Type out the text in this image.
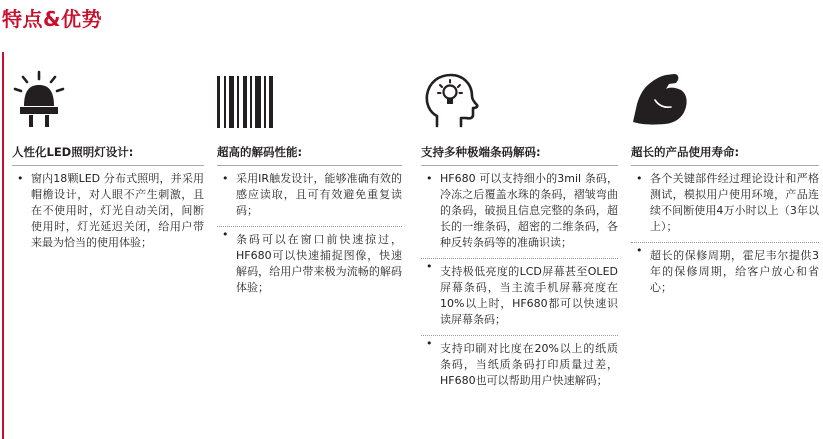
特点&优势
人性化LED照明灯设计:
• 窗内18颗LED 分布式照明，并采用帽檐设计，对人眼不产生刺激，且在不使用时，灯光自动关闭，间断使用时，灯光延迟关闭，给用户带来最为恰当的使用体验；
超高的解码性能:
• 采用IR触发设计，能够准确有效的感应读取，且可有效避免重复读码；
• 条码可以在窗口前快速掠过，HF680可以快速捕捉图像，快速解码，给用户带来极为流畅的解码体验；
支持多种极端条码解码:
• HF680 可以支持细小的3mil 条码，冷冻之后覆盖水珠的条码，褶皱弯曲的条码，破损且信息完整的条码，超长的一维条码，超密的二维条码，各种反转条码等的准确识读；
• 支持极低亮度的LCD屏幕甚至OLED 屏幕条码，当主流手机屏幕亮度在10%以上时，HF680都可以快速识读屏幕条码；
• 支持印刷对比度在20%以上的纸质条码，当纸质条码打印质量过差，HF680也可以帮助用户快速解码；
超长的产品使用寿命:
• 各个关键部件经过理论设计和严格测试，模拟用户使用环境，产品连续不间断使用4万小时以上（3年以上）；
• 超长的保修周期，霍尼韦尔提供3年的保修周期，给客户放心和省心；
